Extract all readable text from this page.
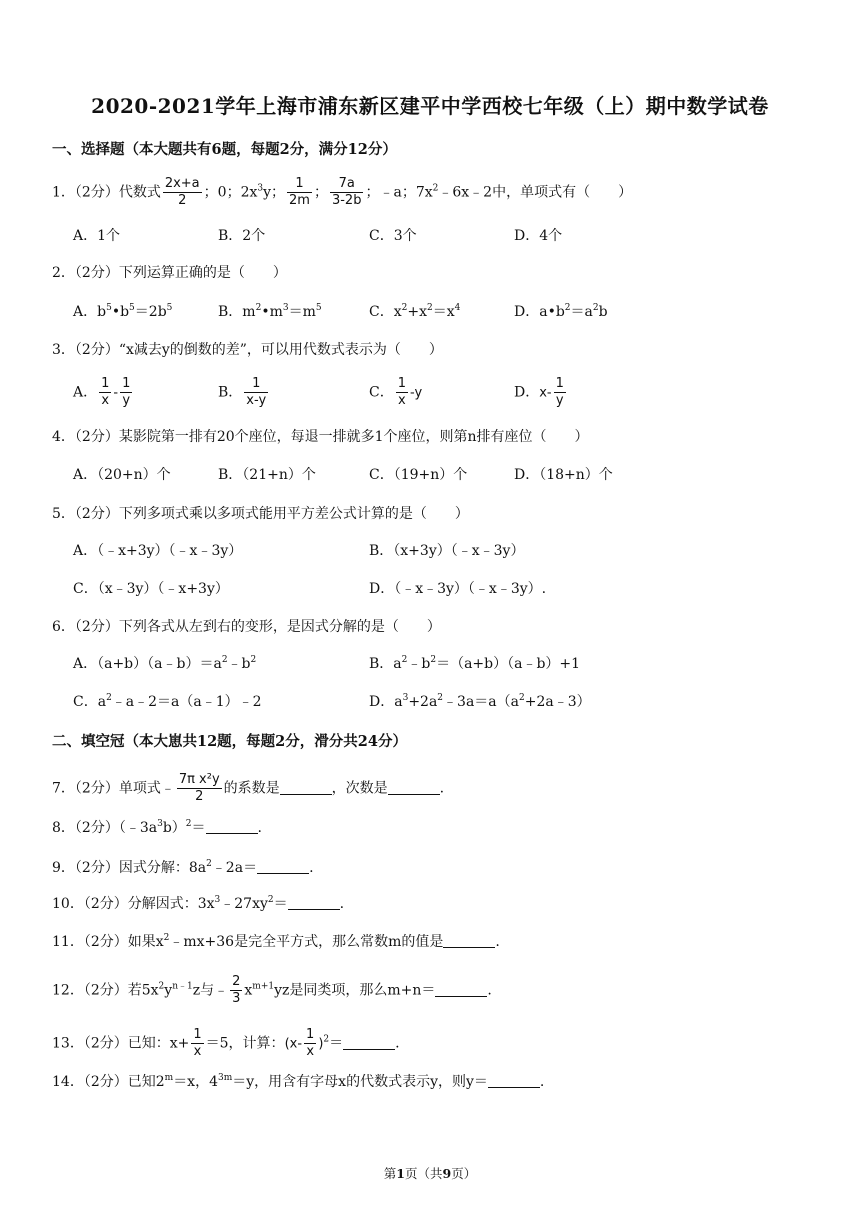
2020-2021学年上海市浦东新区建平中学西校七年级（上）期中数学试卷
一、选择题（本大题共有6题，每题2分，满分12分）
1．（2分）代数式 $\frac{2x+a}{2}$ ；0；$2x^3y$； $\frac{1}{2m}$ ； $\frac{7a}{3-2b}$ ；﹣a；$7x^2﹣6x﹣2$中，单项式有（　　）
A．1个	B．2个	C．3个	D．4个
2．（2分）下列运算正确的是（　　）
A．$b^5•b^5=2b^5$	B．$m^2•m^3=m^5$	C．$x^2+x^2=x^4$	D．$a•b^2=a^2b$
3．（2分）“x减去y的倒数的差”，可以用代数式表示为（　　）
A． $\frac{1}{x} - \frac{1}{y}$	B． $\frac{1}{x-y}$	C． $\frac{1}{x} -y$	D．$x- \frac{1}{y}$
4．（2分）某影院第一排有20个座位，每退一排就多1个座位，则第n排有座位（　　）
A．（20+n）个	B．（21+n）个	C．（19+n）个	D．（18+n）个
5．（2分）下列多项式乘以多项式能用平方差公式计算的是（　　）
A．（﹣x+3y）（﹣x﹣3y）	B．（x+3y）（﹣x﹣3y）
C．（x﹣3y）（﹣x+3y）	D．（﹣x﹣3y）（﹣x﹣3y）.
6．（2分）下列各式从左到右的变形，是因式分解的是（　　）
A．$(a+b)(a﹣b)=a^2﹣b^2$	B．$a^2﹣b^2=(a+b)(a﹣b)+1$
C．$a^2﹣a﹣2=a(a﹣1)﹣2$	D．$a^3+2a^2﹣3a=a(a^2+2a﹣3)$
二、填空冠（本大崽共12题，每题2分，滑分共24分）
7．（2分）单项式﹣ $\frac{\text{7π x²y}}{2}$ 的系数是	，次数是	.
8．（2分）$(﹣3a^3b)^2=$	.
9．（2分）因式分解：$8a^2﹣2a=$	.
10．（2分）分解因式：$3x^3﹣27xy^2=$	.
11．（2分）如果$x^2﹣mx+36$是完全平方式，那么常数m的值是	.
12．（2分）若$5x^2y^{n﹣1}z$与﹣ $\frac{2}{3} x^{m+1}yz$是同类项，那么m+n＝	.
13．（2分）已知：$x+ \frac{1}{x} =5$，计算：$(x- \frac{1}{x} )^2=$	.
14．（2分）已知$2^m=x$，$4^{3m}=y$，用含有字母x的代数式表示y，则y＝	.
第1页（共9页）
